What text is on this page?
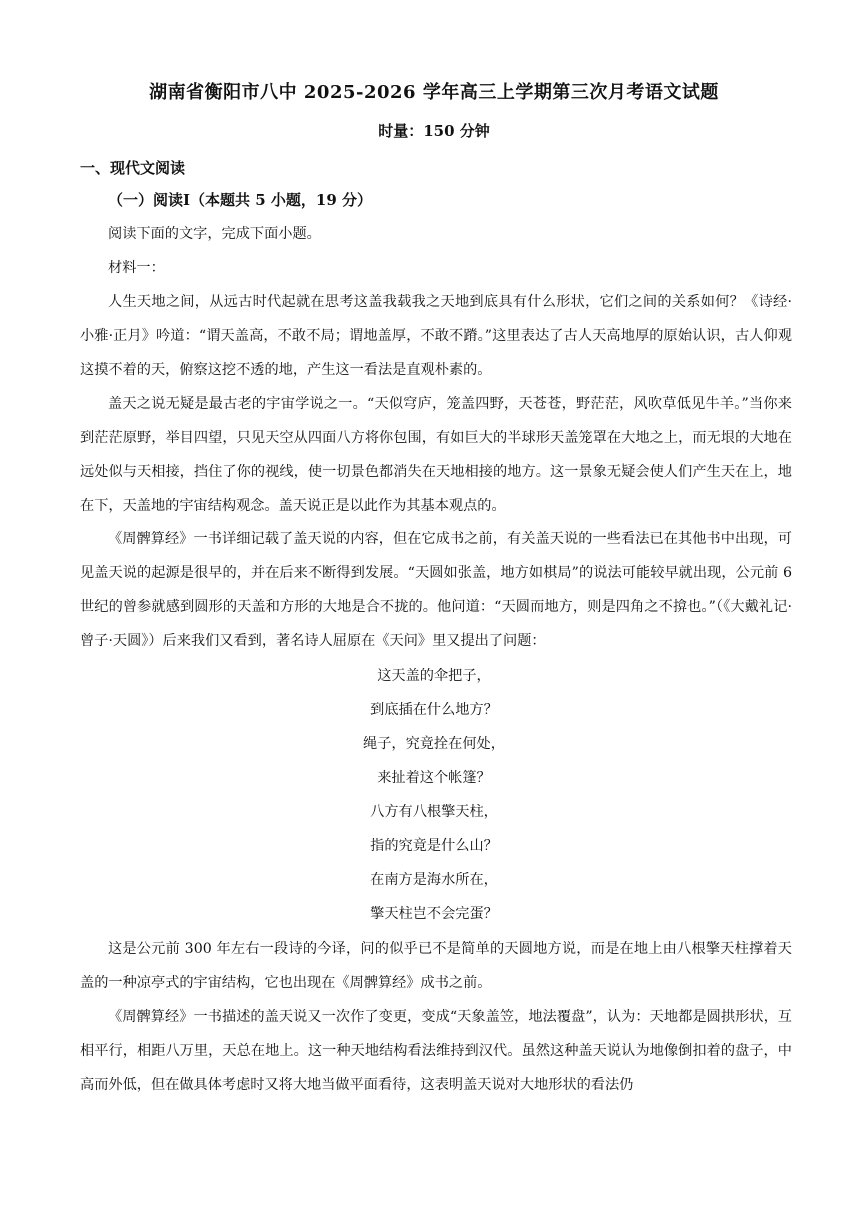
湖南省衡阳市八中 2025-2026 学年高三上学期第三次月考语文试题
时量：150 分钟
一、现代文阅读
（一）阅读Ⅰ（本题共 5 小题，19 分）
阅读下面的文字，完成下面小题。
材料一：

人生天地之间，从远古时代起就在思考这盖我载我之天地到底具有什么形状，它们之间的关系如何？《诗经·小雅·正月》吟道：“谓天盖高，不敢不局；谓地盖厚，不敢不蹐。”这里表达了古人天高地厚的原始认识，古人仰观这摸不着的天，俯察这挖不透的地，产生这一看法是直观朴素的。

盖天之说无疑是最古老的宇宙学说之一。“天似穹庐，笼盖四野，天苍苍，野茫茫，风吹草低见牛羊。”当你来到茫茫原野，举目四望，只见天空从四面八方将你包围，有如巨大的半球形天盖笼罩在大地之上，而无垠的大地在远处似与天相接，挡住了你的视线，使一切景色都消失在天地相接的地方。这一景象无疑会使人们产生天在上，地在下，天盖地的宇宙结构观念。盖天说正是以此作为其基本观点的。

《周髀算经》一书详细记载了盖天说的内容，但在它成书之前，有关盖天说的一些看法已在其他书中出现，可见盖天说的起源是很早的，并在后来不断得到发展。“天圆如张盖，地方如棋局”的说法可能较早就出现，公元前 6 世纪的曾参就感到圆形的天盖和方形的大地是合不拢的。他问道：“天圆而地方，则是四角之不揜也。”（《大戴礼记·曾子·天圆》）后来我们又看到，著名诗人屈原在《天问》里又提出了问题：

这天盖的伞把子，
到底插在什么地方？
绳子，究竟拴在何处，
来扯着这个帐篷？
八方有八根擎天柱，
指的究竟是什么山？
在南方是海水所在，
擎天柱岂不会完蛋？

这是公元前 300 年左右一段诗的今译，问的似乎已不是简单的天圆地方说，而是在地上由八根擎天柱撑着天盖的一种凉亭式的宇宙结构，它也出现在《周髀算经》成书之前。

《周髀算经》一书描述的盖天说又一次作了变更，变成“天象盖笠，地法覆盘”，认为：天地都是圆拱形状，互相平行，相距八万里，天总在地上。这一种天地结构看法维持到汉代。虽然这种盖天说认为地像倒扣着的盘子，中高而外低，但在做具体考虑时又将大地当做平面看待，这表明盖天说对大地形状的看法仍
